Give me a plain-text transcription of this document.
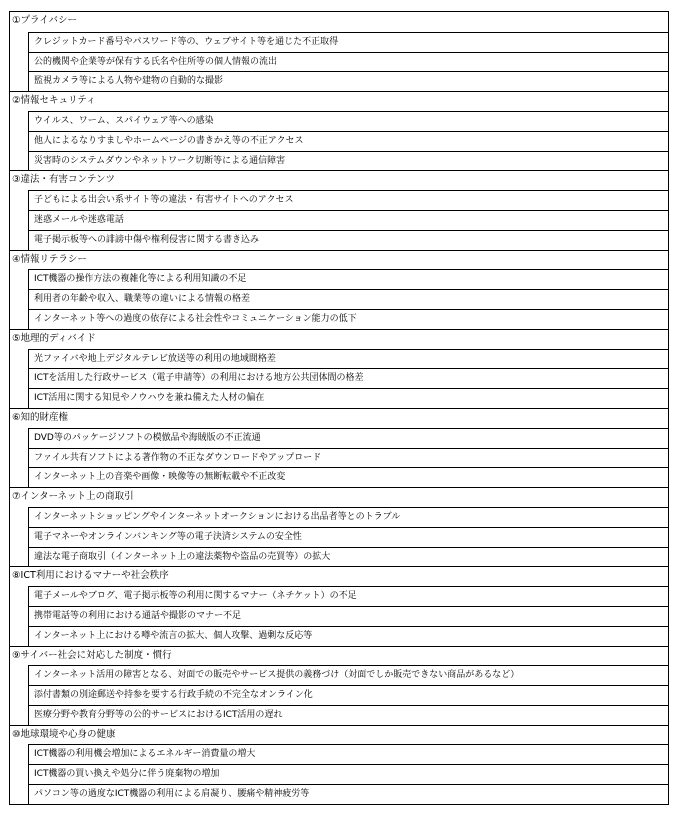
①プライバシー
クレジットカード番号やパスワード等の、ウェブサイト等を通じた不正取得
公的機関や企業等が保有する氏名や住所等の個人情報の流出
監視カメラ等による人物や建物の自動的な撮影
②情報セキュリティ
ウイルス、ワーム、スパイウェア等への感染
他人によるなりすましやホームページの書きかえ等の不正アクセス
災害時のシステムダウンやネットワーク切断等による通信障害
③違法・有害コンテンツ
子どもによる出会い系サイト等の違法・有害サイトへのアクセス
迷惑メールや迷惑電話
電子掲示板等への誹謗中傷や権利侵害に関する書き込み
④情報リテラシー
ICT機器の操作方法の複雑化等による利用知識の不足
利用者の年齢や収入、職業等の違いによる情報の格差
インターネット等への過度の依存による社会性やコミュニケーション能力の低下
⑤地理的ディバイド
光ファイバや地上デジタルテレビ放送等の利用の地域間格差
ICTを活用した行政サービス（電子申請等）の利用における地方公共団体間の格差
ICT活用に関する知見やノウハウを兼ね備えた人材の偏在
⑥知的財産権
DVD等のパッケージソフトの模倣品や海賊版の不正流通
ファイル共有ソフトによる著作物の不正なダウンロードやアップロード
インターネット上の音楽や画像・映像等の無断転載や不正改変
⑦インターネット上の商取引
インターネットショッピングやインターネットオークションにおける出品者等とのトラブル
電子マネーやオンラインバンキング等の電子決済システムの安全性
違法な電子商取引（インターネット上の違法薬物や盗品の売買等）の拡大
⑧ICT利用におけるマナーや社会秩序
電子メールやブログ、電子掲示板等の利用に関するマナー（ネチケット）の不足
携帯電話等の利用における通話や撮影のマナー不足
インターネット上における噂や流言の拡大、個人攻撃、過剰な反応等
⑨サイバー社会に対応した制度・慣行
インターネット活用の障害となる、対面での販売やサービス提供の義務づけ（対面でしか販売できない商品があるなど）
添付書類の別途郵送や持参を要する行政手続の不完全なオンライン化
医療分野や教育分野等の公的サービスにおけるICT活用の遅れ
⑩地球環境や心身の健康
ICT機器の利用機会増加によるエネルギー消費量の増大
ICT機器の買い換えや処分に伴う廃棄物の増加
パソコン等の過度なICT機器の利用による肩凝り、腰痛や精神疲労等
